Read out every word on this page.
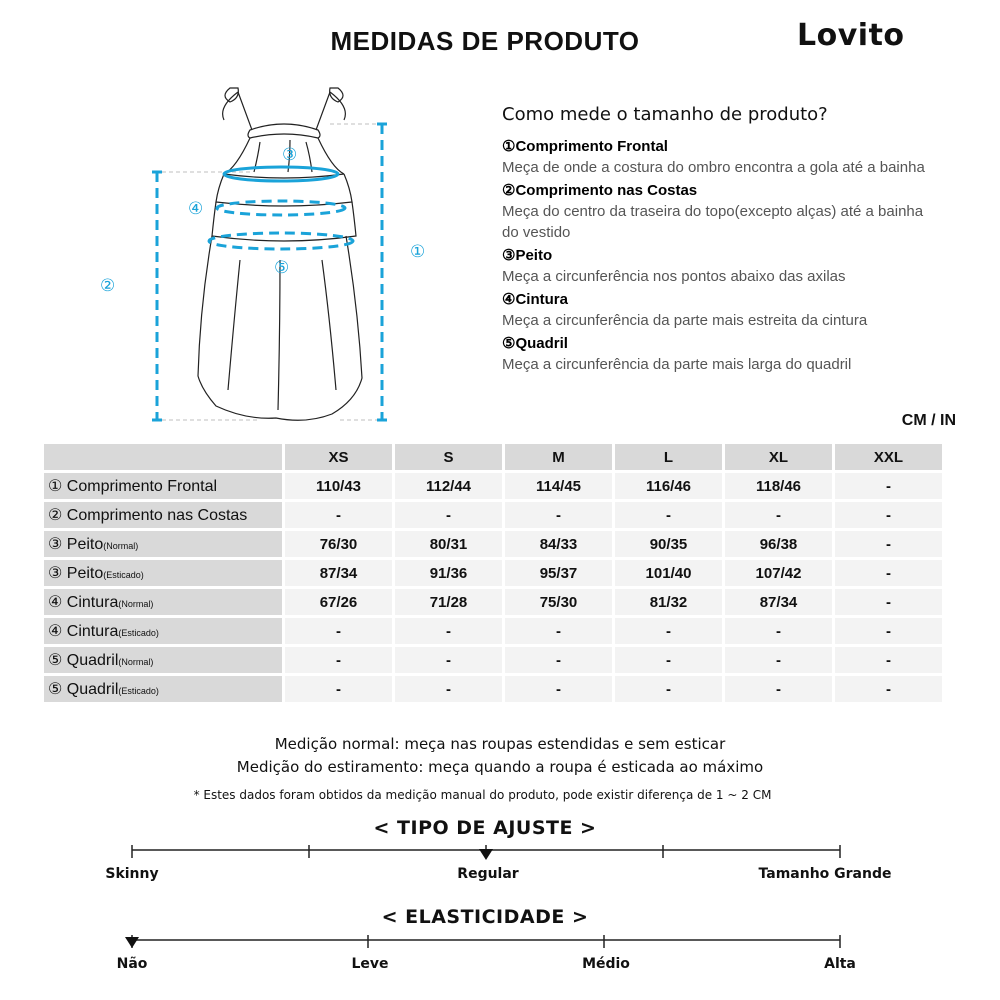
MEDIDAS DE PRODUTO	Lovito
①
②
③
④
⑤
Como mede o tamanho de produto?
①Comprimento Frontal
Meça de onde a costura do ombro encontra a gola até a bainha
②Comprimento nas Costas
Meça do centro da traseira do topo(excepto alças) até a bainha do vestido
③Peito
Meça a circunferência nos pontos abaixo das axilas
④Cintura
Meça a circunferência da parte mais estreita da cintura
⑤Quadril
Meça a circunferência da parte mais larga do quadril
CM / IN
	XS	S	M	L	XL	XXL
① Comprimento Frontal	110/43	112/44	114/45	116/46	118/46	-
② Comprimento nas Costas	-	-	-	-	-	-
③ Peito(Normal)	76/30	80/31	84/33	90/35	96/38	-
③ Peito(Esticado)	87/34	91/36	95/37	101/40	107/42	-
④ Cintura(Normal)	67/26	71/28	75/30	81/32	87/34	-
④ Cintura(Esticado)	-	-	-	-	-	-
⑤ Quadril(Normal)	-	-	-	-	-	-
⑤ Quadril(Esticado)	-	-	-	-	-	-
Medição normal: meça nas roupas estendidas e sem esticar
Medição do estiramento: meça quando a roupa é esticada ao máximo
* Estes dados foram obtidos da medição manual do produto, pode existir diferença de 1 ~ 2 CM
< TIPO DE AJUSTE >
Skinny	Regular	Tamanho Grande
< ELASTICIDADE >
Não	Leve	Médio	Alta
